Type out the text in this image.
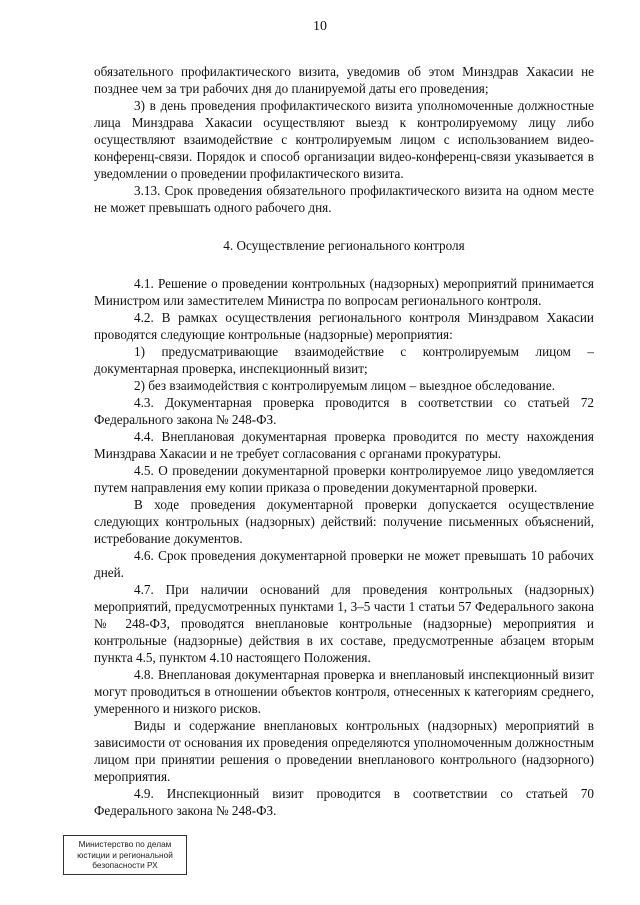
10

обязательного профилактического визита, уведомив об этом Минздрав Хакасии не позднее чем за три рабочих дня до планируемой даты его проведения;

3) в день проведения профилактического визита уполномоченные должностные лица Минздрава Хакасии осуществляют выезд к контролируемому лицу либо осуществляют взаимодействие с контролируемым лицом с использованием видео-конференц-связи. Порядок и способ организации видео-конференц-связи указывается в уведомлении о проведении профилактического визита.

3.13. Срок проведения обязательного профилактического визита на одном месте не может превышать одного рабочего дня.

4. Осуществление регионального контроля

4.1. Решение о проведении контрольных (надзорных) мероприятий принимается Министром или заместителем Министра по вопросам регионального контроля.

4.2. В рамках осуществления регионального контроля Минздравом Хакасии проводятся следующие контрольные (надзорные) мероприятия:

1) предусматривающие взаимодействие с контролируемым лицом – документарная проверка, инспекционный визит;

2) без взаимодействия с контролируемым лицом – выездное обследование.

4.3. Документарная проверка проводится в соответствии со статьей 72 Федерального закона № 248-ФЗ.

4.4. Внеплановая документарная проверка проводится по месту нахождения Минздрава Хакасии и не требует согласования с органами прокуратуры.

4.5. О проведении документарной проверки контролируемое лицо уведомляется путем направления ему копии приказа о проведении документарной проверки.

В ходе проведения документарной проверки допускается осуществление следующих контрольных (надзорных) действий: получение письменных объяснений, истребование документов.

4.6. Срок проведения документарной проверки не может превышать 10 рабочих дней.

4.7. При наличии оснований для проведения контрольных (надзорных) мероприятий, предусмотренных пунктами 1, 3–5 части 1 статьи 57 Федерального закона № 248-ФЗ, проводятся внеплановые контрольные (надзорные) мероприятия и контрольные (надзорные) действия в их составе, предусмотренные абзацем вторым пункта 4.5, пунктом 4.10 настоящего Положения.

4.8. Внеплановая документарная проверка и внеплановый инспекционный визит могут проводиться в отношении объектов контроля, отнесенных к категориям среднего, умеренного и низкого рисков.

Виды и содержание внеплановых контрольных (надзорных) мероприятий в зависимости от основания их проведения определяются уполномоченным должностным лицом при принятии решения о проведении внепланового контрольного (надзорного) мероприятия.

4.9. Инспекционный визит проводится в соответствии со статьей 70 Федерального закона № 248-ФЗ.

Министерство по делам
юстиции и региональной
безопасности РХ
